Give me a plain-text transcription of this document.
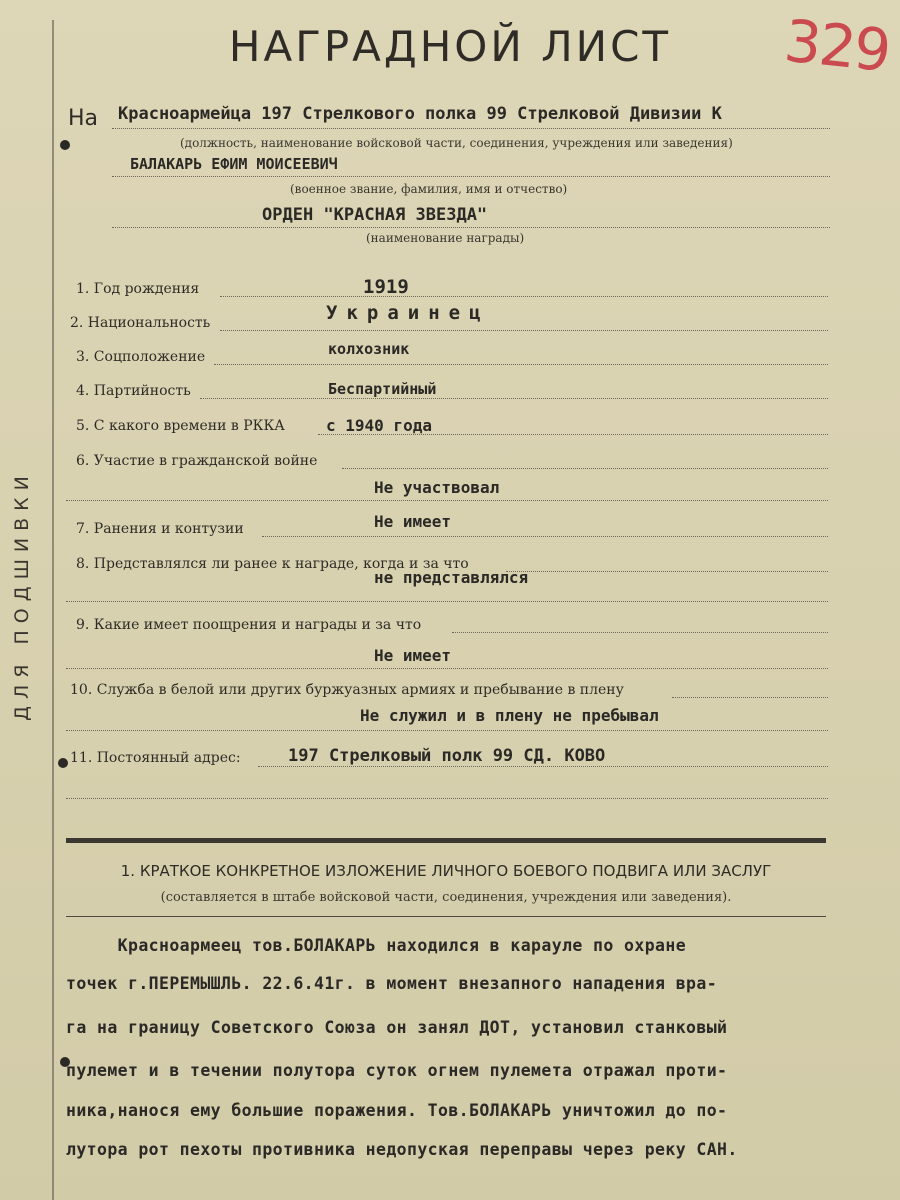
ДЛЯ ПОДШИВКИ
НАГРАДНОЙ ЛИСТ	329
На Красноармейца 197 Стрелкового полка 99 Стрелковой Дивизии К
(должность, наименование войсковой части, соединения, учреждения или заведения)
БАЛАКАРЬ ЕФИМ МОИСЕЕВИЧ
(военное звание, фамилия, имя и отчество)
ОРДЕН "КРАСНАЯ ЗВЕЗДА"
(наименование награды)
1. Год рождения	1919
2. Национальность	Украинец
3. Соцположение	колхозник
4. Партийность	Беспартийный
5. С какого времени в РККА	с 1940 года
6. Участие в гражданской войне
Не участвовал
7. Ранения и контузии	Не имеет
8. Представлялся ли ранее к награде, когда и за что
не представлялся
9. Какие имеет поощрения и награды и за что
Не имеет
10. Служба в белой или других буржуазных армиях и пребывание в плену
Не служил и в плену не пребывал
11. Постоянный адрес:	197 Стрелковый полк 99 СД. КОВО
1. КРАТКОЕ КОНКРЕТНОЕ ИЗЛОЖЕНИЕ ЛИЧНОГО БОЕВОГО ПОДВИГА ИЛИ ЗАСЛУГ
(составляется в штабе войсковой части, соединения, учреждения или заведения).
Красноармеец тов.БОЛАКАРЬ находился в карауле по охране
точек г.ПЕРЕМЫШЛЬ. 22.6.41г. в момент внезапного нападения вра-
га на границу Советского Союза он занял ДОТ, установил станковый
пулемет и в течении полутора суток огнем пулемета отражал проти-
ника,нанося ему большие поражения. Тов.БОЛАКАРЬ уничтожил до по-
лутора рот пехоты противника недопуская переправы через реку САН.
